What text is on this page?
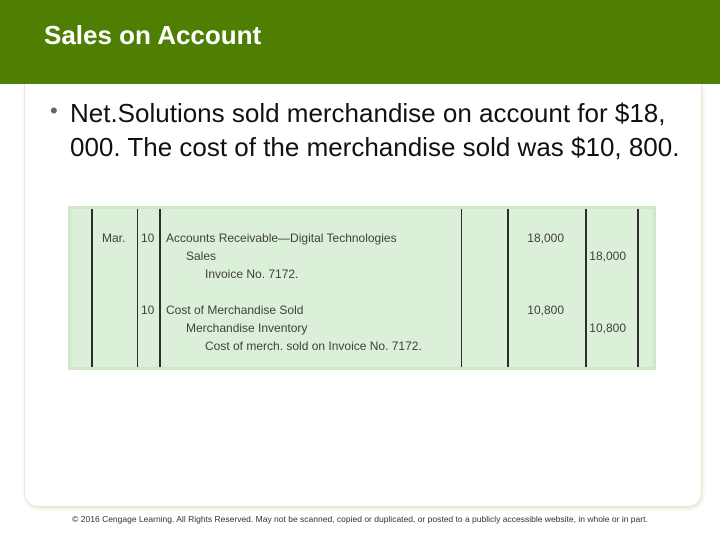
Sales on Account
• Net.Solutions sold merchandise on account for $18, 000. The cost of the merchandise sold was $10, 800.
Mar. 10 Accounts Receivable—Digital Technologies
Sales
Invoice No. 7172.
18,000
18,000
10 Cost of Merchandise Sold
Merchandise Inventory
Cost of merch. sold on Invoice No. 7172.
10,800
10,800
© 2016 Cengage Learning. All Rights Reserved. May not be scanned, copied or duplicated, or posted to a publicly accessible website, in whole or in part.
